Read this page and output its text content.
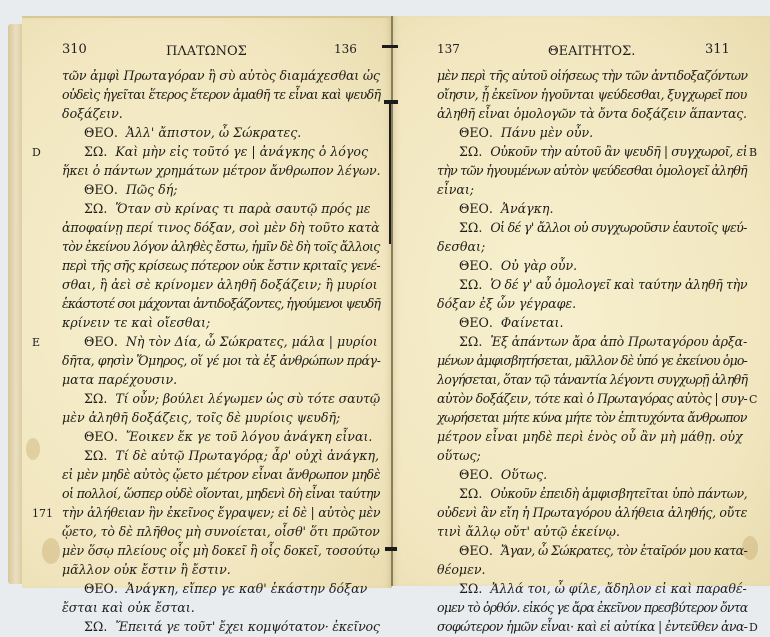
310	ΠΛΑΤΩΝΟΣ	136	137	ΘΕΑΙΤΗΤΟΣ.	311
τῶν ἀμφὶ Πρωταγόραν ἢ σὺ αὐτὸς διαμάχεσθαι ὡς
οὐδεὶς ἡγεῖται ἕτερος ἕτερον ἀμαθῆ τε εἶναι καὶ ψευδῆ
δοξάζειν.
ΘΕΟ. Ἀλλ' ἄπιστον, ὦ Σώκρατες.
ΣΩ. Καὶ μὴν εἰς τοῦτό γε | ἀνάγκης ὁ λόγος
D
ἥκει ὁ πάντων χρημάτων μέτρον ἄνθρωπον λέγων.
ΘΕΟ. Πῶς δή;
ΣΩ. Ὅταν σὺ κρίνας τι παρὰ σαυτῷ πρός με
ἀποφαίνῃ περί τινος δόξαν, σοὶ μὲν δὴ τοῦτο κατὰ
τὸν ἐκείνου λόγον ἀληθὲς ἔστω, ἡμῖν δὲ δὴ τοῖς ἄλλοις
περὶ τῆς σῆς κρίσεως πότερον οὐκ ἔστιν κριταῖς γενέ-
σθαι, ἢ ἀεὶ σὲ κρίνομεν ἀληθῆ δοξάζειν; ἢ μυρίοι
ἑκάστοτέ σοι μάχονται ἀντιδοξάζοντες, ἡγούμενοι ψευδῆ
κρίνειν τε καὶ οἴεσθαι;
ΘΕΟ. Νὴ τὸν Δία, ὦ Σώκρατες, μάλα | μυρίοι
E
δῆτα, φησὶν Ὅμηρος, οἵ γέ μοι τὰ ἐξ ἀνθρώπων πράγ-
ματα παρέχουσιν.
ΣΩ. Τί οὖν; βούλει λέγωμεν ὡς σὺ τότε σαυτῷ
μὲν ἀληθῆ δοξάζεις, τοῖς δὲ μυρίοις ψευδῆ;
ΘΕΟ. Ἔοικεν ἔκ γε τοῦ λόγου ἀνάγκη εἶναι.
ΣΩ. Τί δὲ αὐτῷ Πρωταγόρᾳ; ἆρ' οὐχὶ ἀνάγκη,
εἰ μὲν μηδὲ αὐτὸς ᾤετο μέτρον εἶναι ἄνθρωπον μηδὲ
οἱ πολλοί, ὥσπερ οὐδὲ οἴονται, μηδενὶ δὴ εἶναι ταύτην
τὴν ἀλήθειαν ἣν ἐκεῖνος ἔγραψεν; εἰ δὲ | αὐτὸς μὲν
171
ᾤετο, τὸ δὲ πλῆθος μὴ συνοίεται, οἶσθ' ὅτι πρῶτον
μὲν ὅσῳ πλείους οἷς μὴ δοκεῖ ἢ οἷς δοκεῖ, τοσούτῳ
μᾶλλον οὐκ ἔστιν ἢ ἔστιν.
ΘΕΟ. Ἀνάγκη, εἴπερ γε καθ' ἑκάστην δόξαν
ἔσται καὶ οὐκ ἔσται.
ΣΩ. Ἔπειτά γε τοῦτ' ἔχει κομψότατον· ἐκεῖνος
μὲν περὶ τῆς αὑτοῦ οἰήσεως τὴν τῶν ἀντιδοξαζόντων
οἴησιν, ᾗ ἐκεῖνον ἡγοῦνται ψεύδεσθαι, ξυγχωρεῖ που
ἀληθῆ εἶναι ὁμολογῶν τὰ ὄντα δοξάζειν ἅπαντας.
ΘΕΟ. Πάνυ μὲν οὖν.
ΣΩ. Οὐκοῦν τὴν αὑτοῦ ἂν ψευδῆ | συγχωροῖ, εἰ B
τὴν τῶν ἡγουμένων αὐτὸν ψεύδεσθαι ὁμολογεῖ ἀληθῆ
εἶναι;
ΘΕΟ. Ἀνάγκη.
ΣΩ. Οἱ δέ γ' ἄλλοι οὐ συγχωροῦσιν ἑαυτοῖς ψεύ-
δεσθαι;
ΘΕΟ. Οὐ γὰρ οὖν.
ΣΩ. Ὁ δέ γ' αὖ ὁμολογεῖ καὶ ταύτην ἀληθῆ τὴν
δόξαν ἐξ ὧν γέγραφε.
ΘΕΟ. Φαίνεται.
ΣΩ. Ἐξ ἁπάντων ἄρα ἀπὸ Πρωταγόρου ἀρξα-
μένων ἀμφισβητήσεται, μᾶλλον δὲ ὑπό γε ἐκείνου ὁμο-
λογήσεται, ὅταν τῷ τἀναντία λέγοντι συγχωρῇ ἀληθῆ
αὐτὸν δοξάζειν, τότε καὶ ὁ Πρωταγόρας αὐτὸς | συγ- C
χωρήσεται μήτε κύνα μήτε τὸν ἐπιτυχόντα ἄνθρωπον
μέτρον εἶναι μηδὲ περὶ ἑνὸς οὗ ἂν μὴ μάθῃ. οὐχ
οὕτως;
ΘΕΟ. Οὕτως.
ΣΩ. Οὐκοῦν ἐπειδὴ ἀμφισβητεῖται ὑπὸ πάντων,
οὐδενὶ ἂν εἴη ἡ Πρωταγόρου ἀλήθεια ἀληθής, οὔτε
τινὶ ἄλλῳ οὔτ' αὐτῷ ἐκείνῳ.
ΘΕΟ. Ἄγαν, ὦ Σώκρατες, τὸν ἑταῖρόν μου κατα-
θέομεν.
ΣΩ. Ἀλλά τοι, ὦ φίλε, ἄδηλον εἰ καὶ παραθέ-
ομεν τὸ ὀρθόν. εἰκός γε ἄρα ἐκεῖνον πρεσβύτερον ὄντα
σοφώτερον ἡμῶν εἶναι· καὶ εἰ αὐτίκα | ἐντεῦθεν ἀνα- D
